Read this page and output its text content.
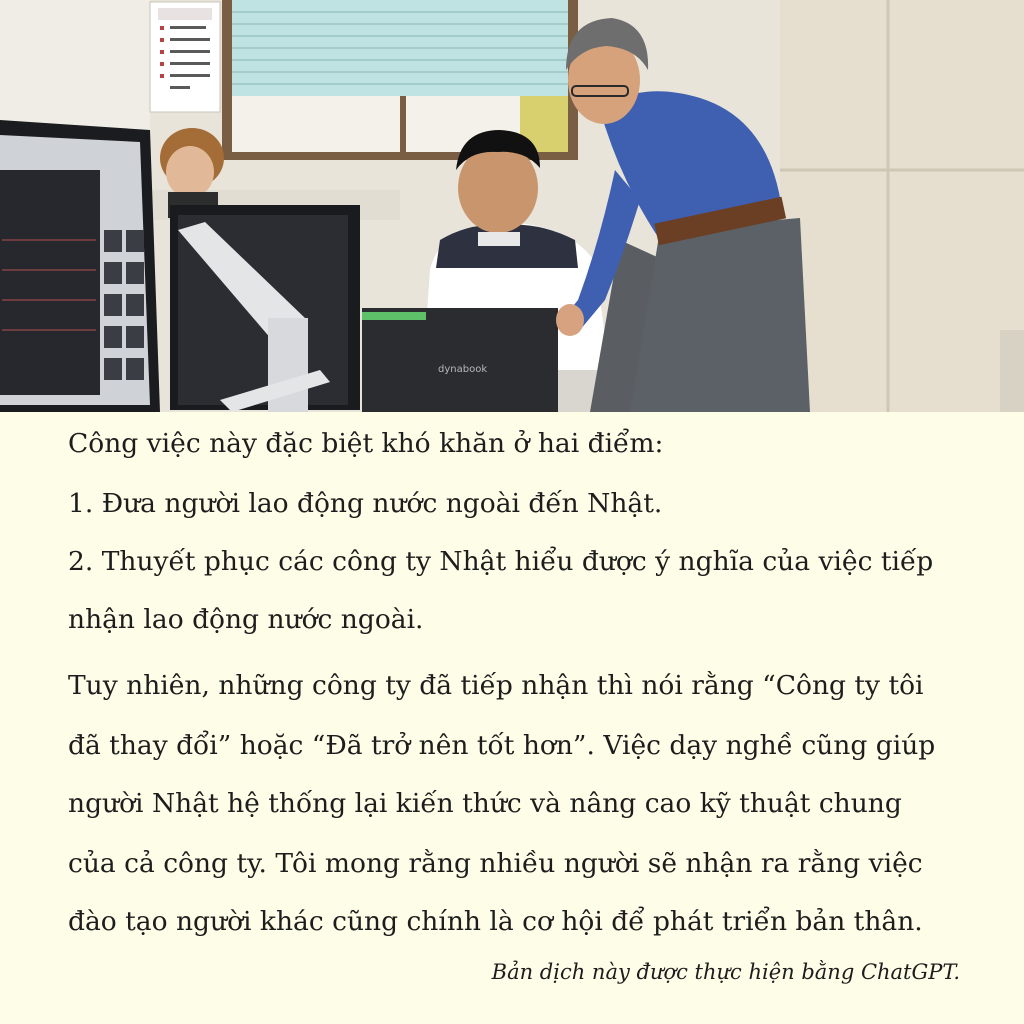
dynabook
Công việc này đặc biệt khó khăn ở hai điểm:
1. Đưa người lao động nước ngoài đến Nhật.
2. Thuyết phục các công ty Nhật hiểu được ý nghĩa của việc tiếp
nhận lao động nước ngoài.
Tuy nhiên, những công ty đã tiếp nhận thì nói rằng “Công ty tôi
đã thay đổi” hoặc “Đã trở nên tốt hơn”. Việc dạy nghề cũng giúp
người Nhật hệ thống lại kiến thức và nâng cao kỹ thuật chung
của cả công ty. Tôi mong rằng nhiều người sẽ nhận ra rằng việc
đào tạo người khác cũng chính là cơ hội để phát triển bản thân.
Bản dịch này được thực hiện bằng ChatGPT.
